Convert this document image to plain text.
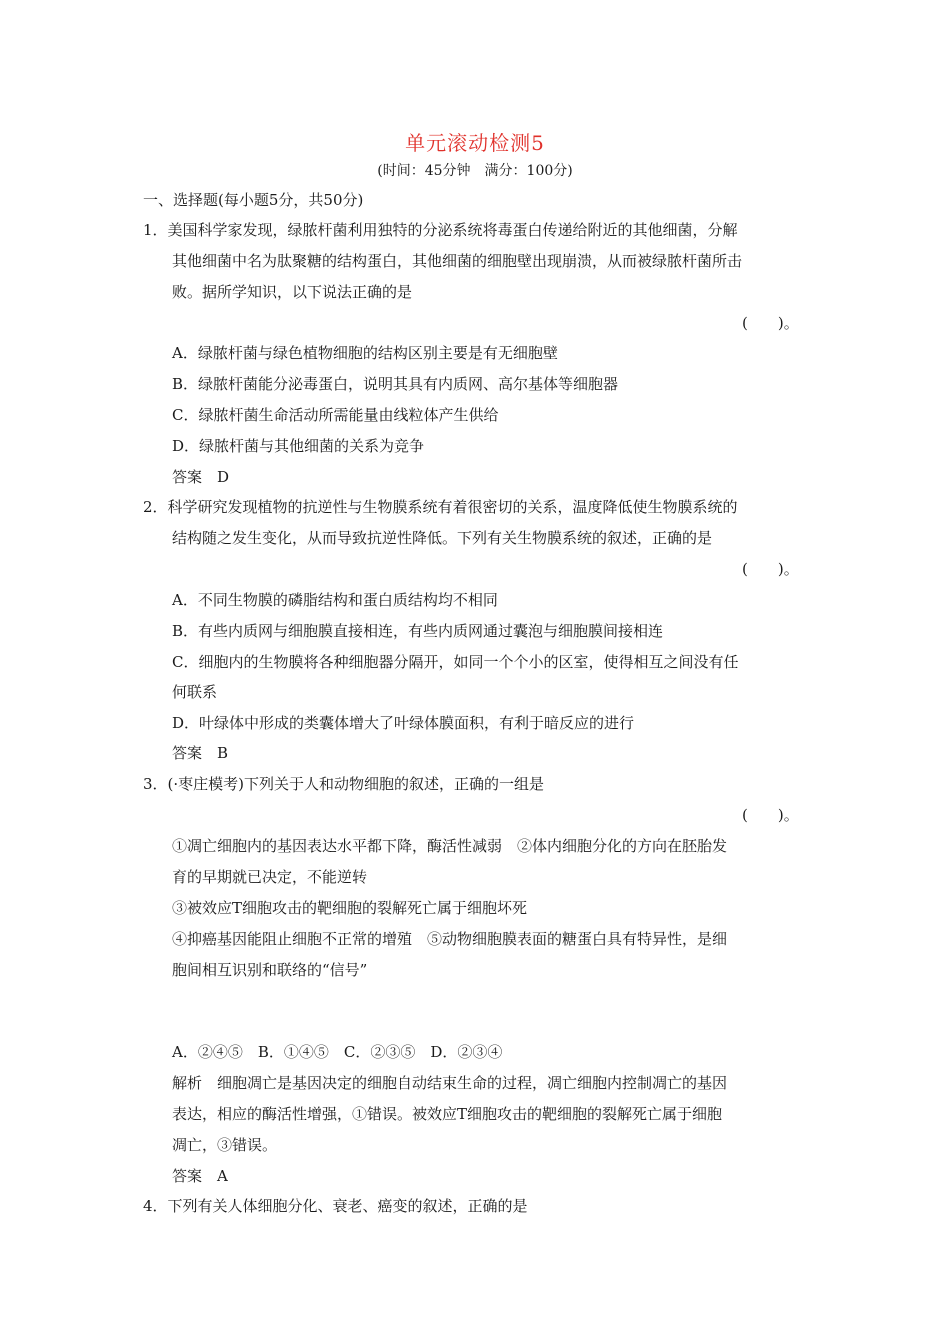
单元滚动检测5
(时间：45分钟　满分：100分)
一、选择题(每小题5分，共50分)
1．美国科学家发现，绿脓杆菌利用独特的分泌系统将毒蛋白传递给附近的其他细菌，分解
其他细菌中名为肽聚糖的结构蛋白，其他细菌的细胞壁出现崩溃，从而被绿脓杆菌所击
败。据所学知识，以下说法正确的是
(　　)。
A．绿脓杆菌与绿色植物细胞的结构区别主要是有无细胞壁
B．绿脓杆菌能分泌毒蛋白，说明其具有内质网、高尔基体等细胞器
C．绿脓杆菌生命活动所需能量由线粒体产生供给
D．绿脓杆菌与其他细菌的关系为竞争
答案　D
2．科学研究发现植物的抗逆性与生物膜系统有着很密切的关系，温度降低使生物膜系统的
结构随之发生变化，从而导致抗逆性降低。下列有关生物膜系统的叙述，正确的是
(　　)。
A．不同生物膜的磷脂结构和蛋白质结构均不相同
B．有些内质网与细胞膜直接相连，有些内质网通过囊泡与细胞膜间接相连
C．细胞内的生物膜将各种细胞器分隔开，如同一个个小的区室，使得相互之间没有任
何联系
D．叶绿体中形成的类囊体增大了叶绿体膜面积，有利于暗反应的进行
答案　B
3．(·枣庄模考)下列关于人和动物细胞的叙述，正确的一组是
(　　)。
①凋亡细胞内的基因表达水平都下降，酶活性减弱　②体内细胞分化的方向在胚胎发
育的早期就已决定，不能逆转
③被效应T细胞攻击的靶细胞的裂解死亡属于细胞坏死
④抑癌基因能阻止细胞不正常的增殖　⑤动物细胞膜表面的糖蛋白具有特异性，是细
胞间相互识别和联络的“信号”
A．②④⑤　B．①④⑤　C．②③⑤　D．②③④
解析　细胞凋亡是基因决定的细胞自动结束生命的过程，凋亡细胞内控制凋亡的基因
表达，相应的酶活性增强，①错误。被效应T细胞攻击的靶细胞的裂解死亡属于细胞
凋亡，③错误。
答案　A
4．下列有关人体细胞分化、衰老、癌变的叙述，正确的是
